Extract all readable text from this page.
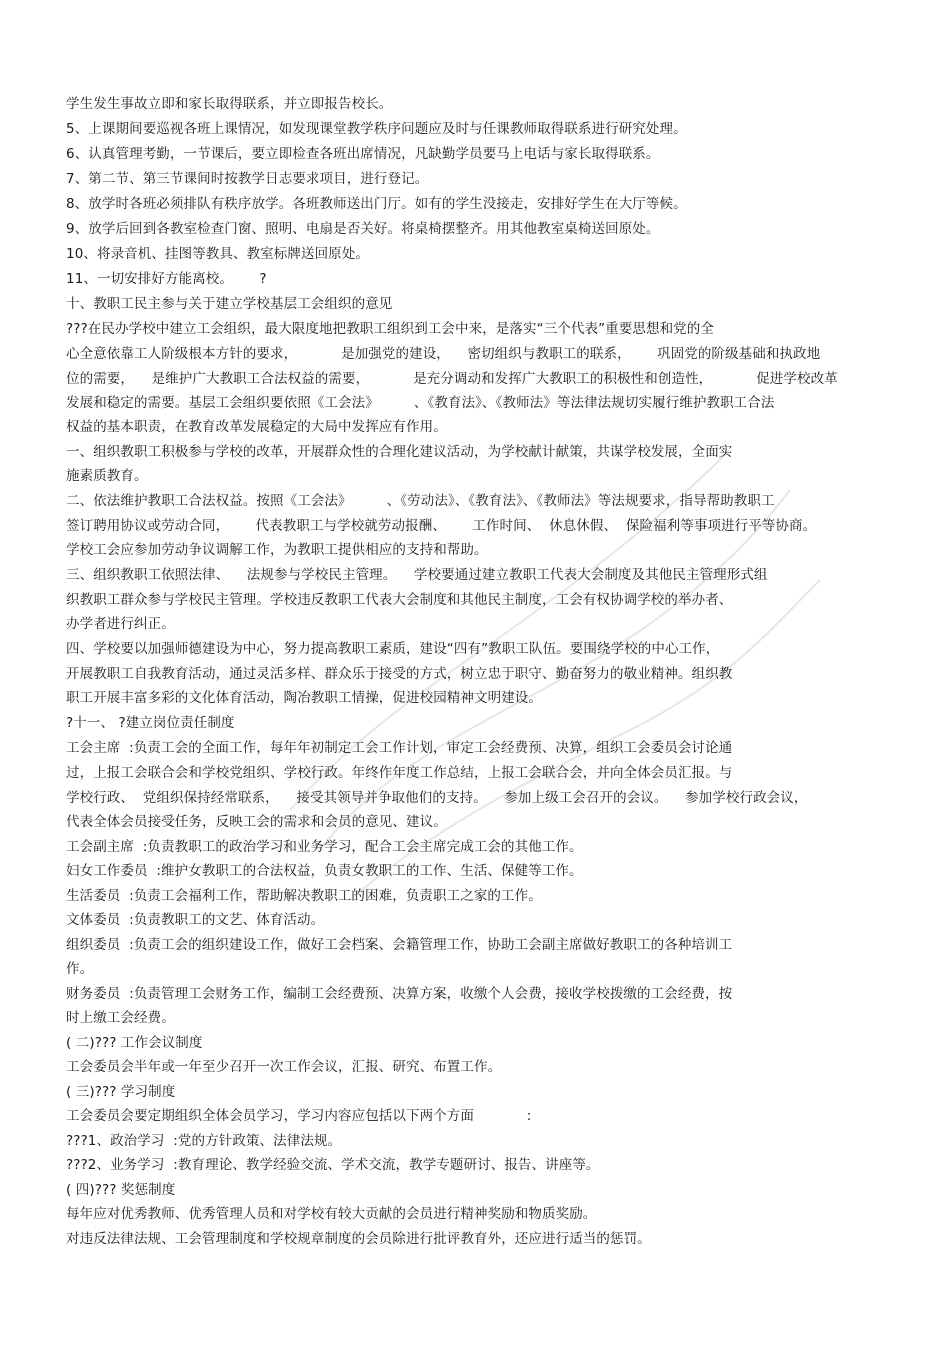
学生发生事故立即和家长取得联系，并立即报告校长。
5、上课期间要巡视各班上课情况，如发现课堂教学秩序问题应及时与任课教师取得联系进行研究处理。
6、认真管理考勤，一节课后，要立即检查各班出席情况，凡缺勤学员要马上电话与家长取得联系。
7、第二节、第三节课间时按教学日志要求项目，进行登记。
8、放学时各班必须排队有秩序放学。各班教师送出门厅。如有的学生没接走，安排好学生在大厅等候。
9、放学后回到各教室检查门窗、照明、电扇是否关好。将桌椅摆整齐。用其他教室桌椅送回原处。
10、将录音机、挂图等教具、教室标牌送回原处。
11、一切安排好方能离校。      ?
十、教职工民主参与关于建立学校基层工会组织的意见
???在民办学校中建立工会组织，最大限度地把教职工组织到工会中来，是落实“三个代表”重要思想和党的全
心全意依靠工人阶级根本方针的要求，          是加强党的建设，    密切组织与教职工的联系，      巩固党的阶级基础和执政地
位的需要，    是维护广大教职工合法权益的需要，          是充分调动和发挥广大教职工的积极性和创造性，          促进学校改革
发展和稳定的需要。基层工会组织要依照《工会法》        、《教育法》、《教师法》等法律法规切实履行维护教职工合法
权益的基本职责，在教育改革发展稳定的大局中发挥应有作用。
一、组织教职工积极参与学校的改革，开展群众性的合理化建议活动，为学校献计献策，共谋学校发展，全面实
施素质教育。
二、依法维护教职工合法权益。按照《工会法》        、《劳动法》、《教育法》、《教师法》等法规要求，指导帮助教职工
签订聘用协议或劳动合同，      代表教职工与学校就劳动报酬、      工作时间、  休息休假、  保险福利等事项进行平等协商。
学校工会应参加劳动争议调解工作，为教职工提供相应的支持和帮助。
三、组织教职工依照法律、    法规参与学校民主管理。    学校要通过建立教职工代表大会制度及其他民主管理形式组
织教职工群众参与学校民主管理。学校违反教职工代表大会制度和其他民主制度，工会有权协调学校的举办者、
办学者进行纠正。
四、学校要以加强师德建设为中心，努力提高教职工素质，建设“四有”教职工队伍。要围绕学校的中心工作，
开展教职工自我教育活动，通过灵活多样、群众乐于接受的方式，树立忠于职守、勤奋努力的敬业精神。组织教
职工开展丰富多彩的文化体育活动，陶冶教职工情操，促进校园精神文明建设。
?十一、 ?建立岗位责任制度
工会主席  :负责工会的全面工作，每年年初制定工会工作计划，审定工会经费预、决算，组织工会委员会讨论通
过，上报工会联合会和学校党组织、学校行政。年终作年度工作总结，上报工会联合会，并向全体会员汇报。与
学校行政、  党组织保持经常联系，    接受其领导并争取他们的支持。    参加上级工会召开的会议。    参加学校行政会议，
代表全体会员接受任务，反映工会的需求和会员的意见、建议。
工会副主席  :负责教职工的政治学习和业务学习，配合工会主席完成工会的其他工作。
妇女工作委员  :维护女教职工的合法权益，负责女教职工的工作、生活、保健等工作。
生活委员  :负责工会福利工作，帮助解决教职工的困难，负责职工之家的工作。
文体委员  :负责教职工的文艺、体育活动。
组织委员  :负责工会的组织建设工作，做好工会档案、会籍管理工作，协助工会副主席做好教职工的各种培训工
作。
财务委员  :负责管理工会财务工作，编制工会经费预、决算方案，收缴个人会费，接收学校拨缴的工会经费，按
时上缴工会经费。
( 二)??? 工作会议制度
工会委员会半年或一年至少召开一次工作会议，汇报、研究、布置工作。
( 三)??? 学习制度
工会委员会要定期组织全体会员学习，学习内容应包括以下两个方面            :
???1、政治学习  :党的方针政策、法律法规。
???2、业务学习  :教育理论、教学经验交流、学术交流，教学专题研讨、报告、讲座等。
( 四)??? 奖惩制度
每年应对优秀教师、优秀管理人员和对学校有较大贡献的会员进行精神奖励和物质奖励。
对违反法律法规、工会管理制度和学校规章制度的会员除进行批评教育外，还应进行适当的惩罚。
